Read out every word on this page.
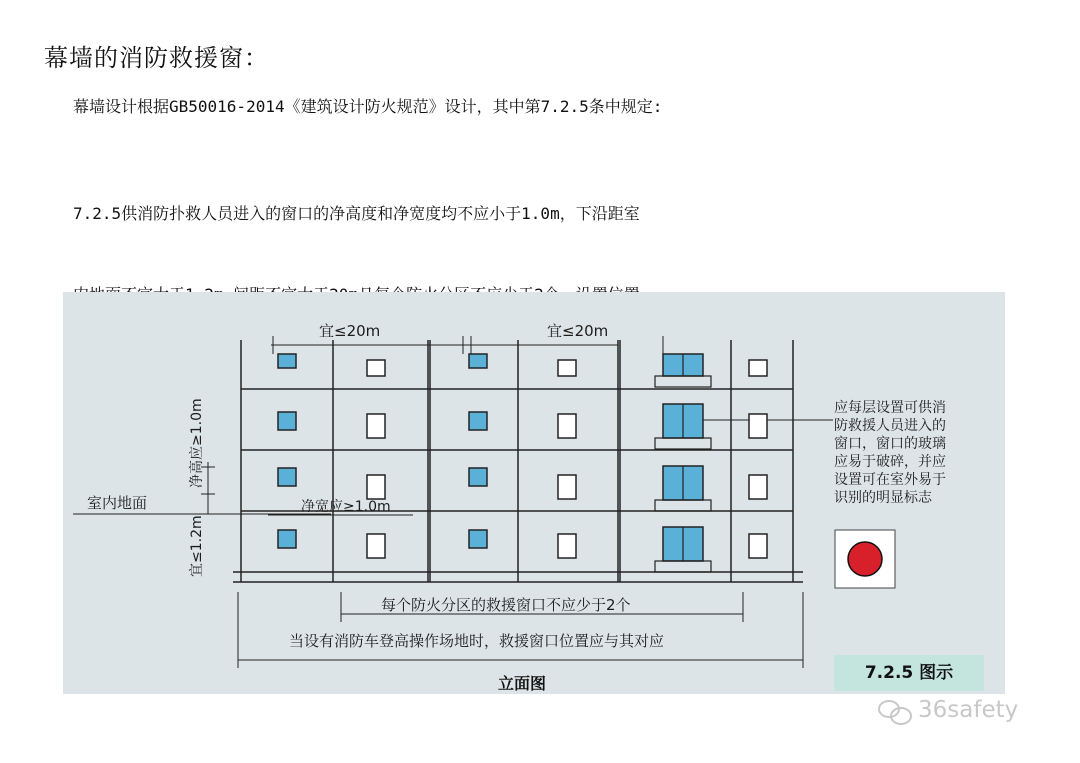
幕墙的消防救援窗：
幕墙设计根据GB50016-2014《建筑设计防火规范》设计，其中第7.2.5条中规定:

7.2.5供消防扑救人员进入的窗口的净高度和净宽度均不应小于1.0m，下沿距室

宜≤20m	宜≤20m
净高应≥1.0m
宜≤1.2m
净宽应≥1.0m
室内地面
每个防火分区的救援窗口不应少于2个
当设有消防车登高操作场地时，救援窗口位置应与其对应
应每层设置可供消
防救援人员进入的
窗口，窗口的玻璃
应易于破碎，并应
设置可在室外易于
识别的明显标志
立面图
7.2.5 图示
36safety
